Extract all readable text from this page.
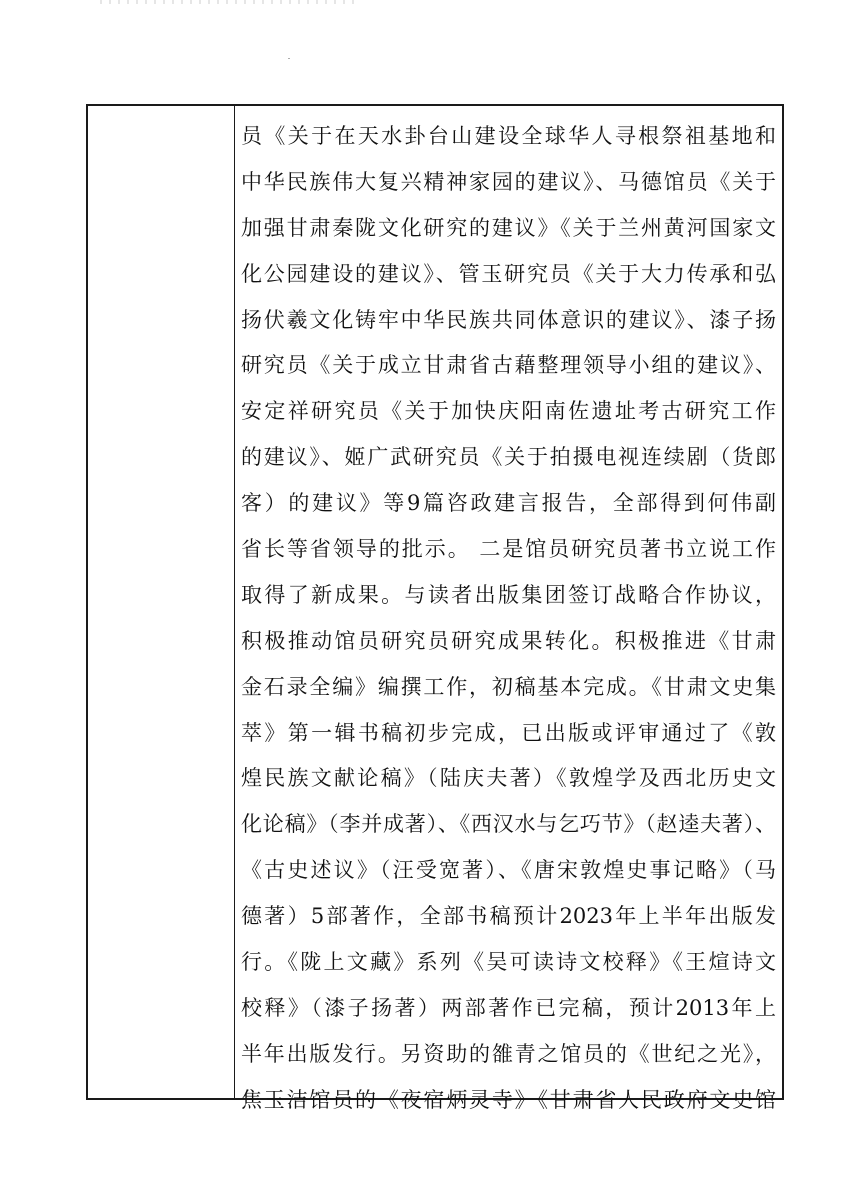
员《关于在天水卦台山建设全球华人寻根祭祖基地和
中华民族伟大复兴精神家园的建议》、马德馆员《关于
加强甘肃秦陇文化研究的建议》《关于兰州黄河国家文
化公园建设的建议》、管玉研究员《关于大力传承和弘
扬伏羲文化铸牢中华民族共同体意识的建议》、漆子扬
研究员《关于成立甘肃省古藉整理领导小组的建议》、
安定祥研究员《关于加快庆阳南佐遗址考古研究工作
的建议》、姬广武研究员《关于拍摄电视连续剧（货郎
客）的建议》等9篇咨政建言报告，全部得到何伟副
省长等省领导的批示。 二是馆员研究员著书立说工作
取得了新成果。与读者出版集团签订战略合作协议，
积极推动馆员研究员研究成果转化。积极推进《甘肃
金石录全编》编撰工作，初稿基本完成。《甘肃文史集
萃》第一辑书稿初步完成，已出版或评审通过了《敦
煌民族文献论稿》（陆庆夫著）《敦煌学及西北历史文
化论稿》（李并成著）、《西汉水与乞巧节》（赵逵夫著）、
《古史述议》（汪受宽著）、《唐宋敦煌史事记略》（马
德著）5部著作，全部书稿预计2023年上半年出版发
行。《陇上文藏》系列《吴可读诗文校释》《王煊诗文
校释》（漆子扬著）两部著作已完稿，预计2013年上
半年出版发行。另资助的雒青之馆员的《世纪之光》，
焦玉洁馆员的《夜宿炳灵寺》《甘肃省人民政府文史馆
